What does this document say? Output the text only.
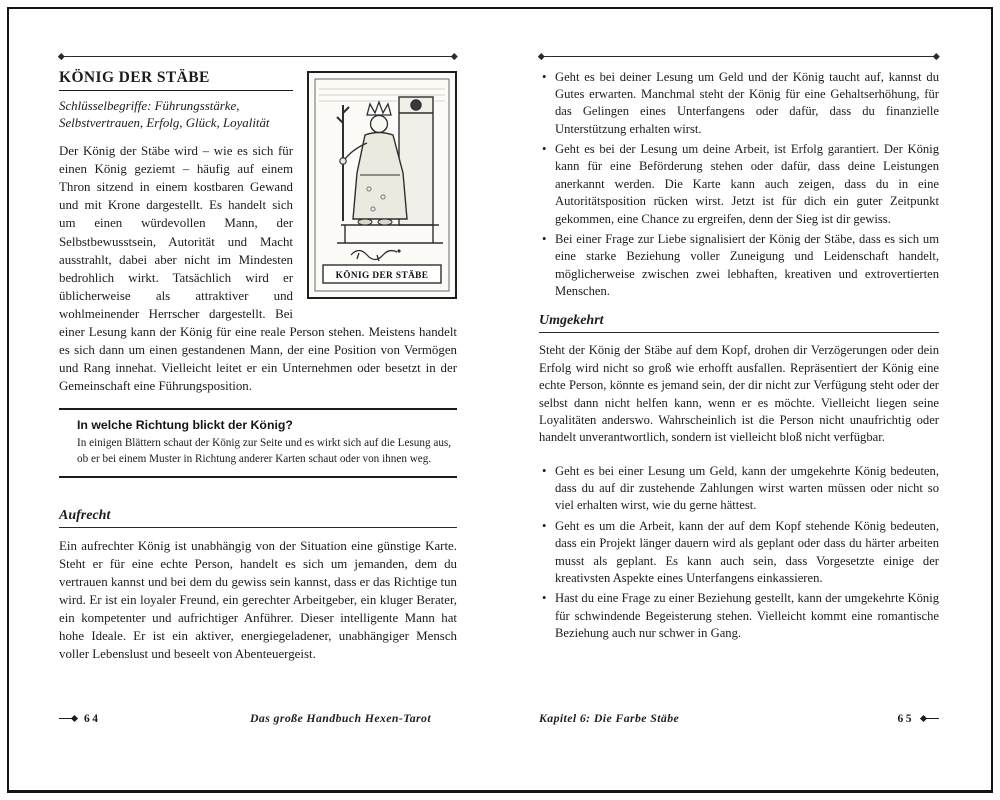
KÖNIG DER STÄBE
KÖNIG DER STÄBE

Schlüsselbegriffe: Führungsstärke, Selbstvertrauen, Erfolg, Glück, Loyalität

Der König der Stäbe wird – wie es sich für einen König geziemt – häufig auf einem Thron sitzend in einem kostbaren Gewand und mit Krone dargestellt. Es handelt sich um einen würdevollen Mann, der Selbstbewusstsein, Autorität und Macht ausstrahlt, dabei aber nicht im Mindesten bedrohlich wirkt. Tatsächlich wird er üblicherweise als attraktiver und wohlmeinender Herrscher dargestellt. Bei einer Lesung kann der König für eine reale Person stehen. Meistens handelt es sich dann um einen gestandenen Mann, der eine Position von Vermögen und Rang innehat. Vielleicht leitet er ein Unternehmen oder besetzt in der Gemeinschaft eine Führungsposition.

In welche Richtung blickt der König?

In einigen Blättern schaut der König zur Seite und es wirkt sich auf die Lesung aus, ob er bei einem Muster in Richtung anderer Karten schaut oder von ihnen weg.

Aufrecht

Ein aufrechter König ist unabhängig von der Situation eine günstige Karte. Steht er für eine echte Person, handelt es sich um jemanden, dem du vertrauen kannst und bei dem du gewiss sein kannst, dass er das Richtige tun wird. Er ist ein loyaler Freund, ein gerechter Arbeitgeber, ein kluger Berater, ein kompetenter und aufrichtiger Anführer. Dieser intelligente Mann hat hohe Ideale. Er ist ein aktiver, energiegeladener, unabhängiger Mensch voller Lebenslust und beseelt von Abenteuergeist.

64	Das große Handbuch Hexen-Tarot
• Geht es bei deiner Lesung um Geld und der König taucht auf, kannst du Gutes erwarten. Manchmal steht der König für eine Gehaltserhöhung, für das Gelingen eines Unterfangens oder dafür, dass du finanzielle Unterstützung erhalten wirst.
• Geht es bei der Lesung um deine Arbeit, ist Erfolg garantiert. Der König kann für eine Beförderung stehen oder dafür, dass deine Leistungen anerkannt werden. Die Karte kann auch zeigen, dass du in eine Autoritätsposition rücken wirst. Jetzt ist für dich ein guter Zeitpunkt gekommen, eine Chance zu ergreifen, denn der Sieg ist dir gewiss.
• Bei einer Frage zur Liebe signalisiert der König der Stäbe, dass es sich um eine starke Beziehung voller Zuneigung und Leidenschaft handelt, möglicherweise zwischen zwei lebhaften, kreativen und extrovertierten Menschen.
Umgekehrt

Steht der König der Stäbe auf dem Kopf, drohen dir Verzögerungen oder dein Erfolg wird nicht so groß wie erhofft ausfallen. Repräsentiert der König eine echte Person, könnte es jemand sein, der dir nicht zur Verfügung steht oder der selbst dann nicht helfen kann, wenn er es möchte. Vielleicht liegen seine Loyalitäten anderswo. Wahrscheinlich ist die Person nicht unaufrichtig oder handelt unverantwortlich, sondern ist vielleicht bloß nicht verfügbar.

• Geht es bei einer Lesung um Geld, kann der umgekehrte König bedeuten, dass du auf dir zustehende Zahlungen wirst warten müssen oder nicht so viel erhalten wirst, wie du gerne hättest.
• Geht es um die Arbeit, kann der auf dem Kopf stehende König bedeuten, dass ein Projekt länger dauern wird als geplant oder dass du härter arbeiten musst als geplant. Es kann auch sein, dass Vorgesetzte einige der kreativsten Aspekte eines Unterfangens einkassieren.
• Hast du eine Frage zu einer Beziehung gestellt, kann der umgekehrte König für schwindende Begeisterung stehen. Vielleicht kommt eine romantische Beziehung auch nur schwer in Gang.
Kapitel 6: Die Farbe Stäbe	65
